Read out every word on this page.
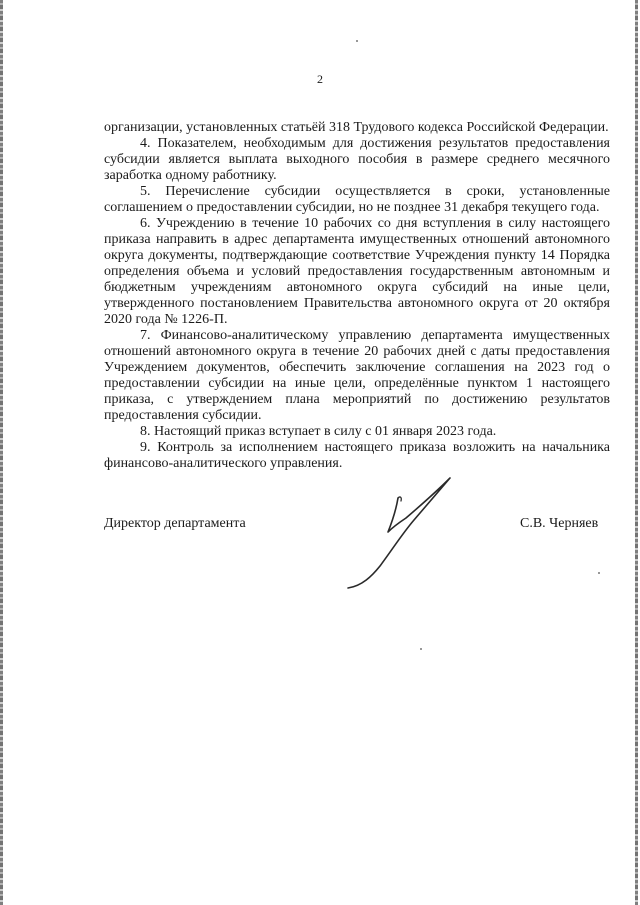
2

организации, установленных статьёй 318 Трудового кодекса Российской Федерации.

4. Показателем, необходимым для достижения результатов предоставления субсидии является выплата выходного пособия в размере среднего месячного заработка одному работнику.

5. Перечисление субсидии осуществляется в сроки, установленные соглашением о предоставлении субсидии, но не позднее 31 декабря текущего года.

6. Учреждению в течение 10 рабочих со дня вступления в силу настоящего приказа направить в адрес департамента имущественных отношений автономного округа документы, подтверждающие соответствие Учреждения пункту 14 Порядка определения объема и условий предоставления государственным автономным и бюджетным учреждениям автономного округа субсидий на иные цели, утвержденного постановлением Правительства автономного округа от 20 октября 2020 года № 1226-П.

7. Финансово-аналитическому управлению департамента имущественных отношений автономного округа в течение 20 рабочих дней с даты предоставления Учреждением документов, обеспечить заключение соглашения на 2023 год о предоставлении субсидии на иные цели, определённые пунктом 1 настоящего приказа, с утверждением плана мероприятий по достижению результатов предоставления субсидии.

8. Настоящий приказ вступает в силу с 01 января 2023 года.

9. Контроль за исполнением настоящего приказа возложить на начальника финансово-аналитического управления.

Директор департамента	С.В. Черняев
